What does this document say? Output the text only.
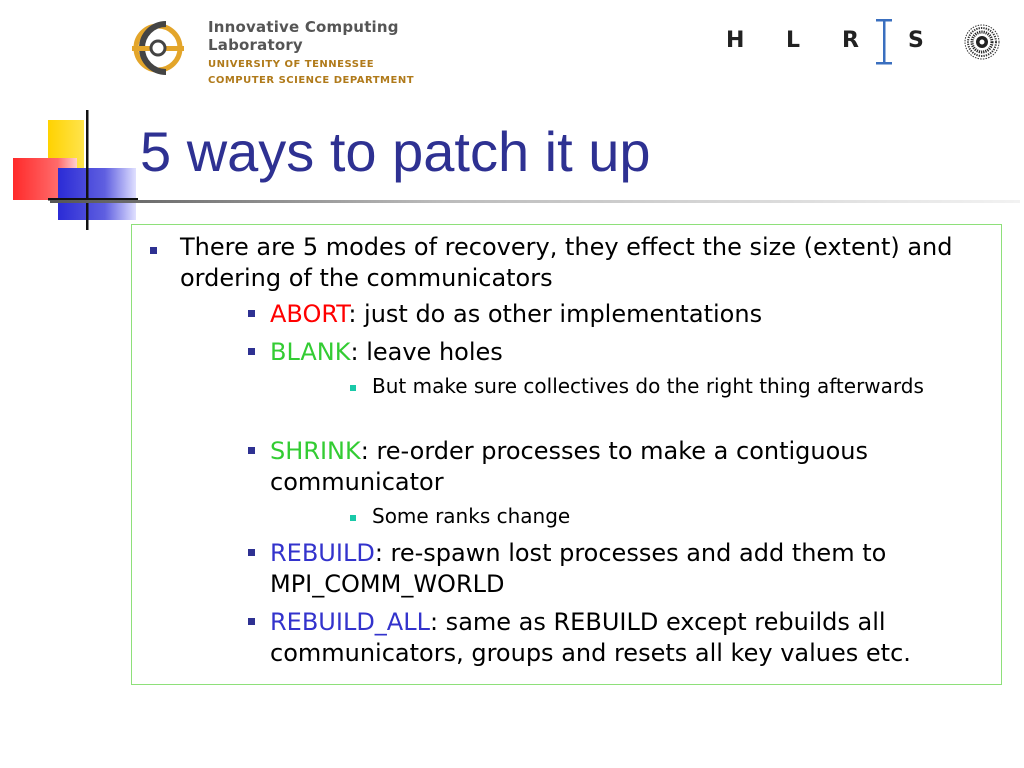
Innovative Computing Laboratory
UNIVERSITY OF TENNESSEE
COMPUTER SCIENCE DEPARTMENT
H L R S
5 ways to patch it up
There are 5 modes of recovery, they effect the size (extent) and ordering of the communicators
ABORT: just do as other implementations
BLANK: leave holes
But make sure collectives do the right thing afterwards
SHRINK: re-order processes to make a contiguous communicator
Some ranks change
REBUILD: re-spawn lost processes and add them to MPI_COMM_WORLD
REBUILD_ALL: same as REBUILD except rebuilds all communicators, groups and resets all key values etc.
